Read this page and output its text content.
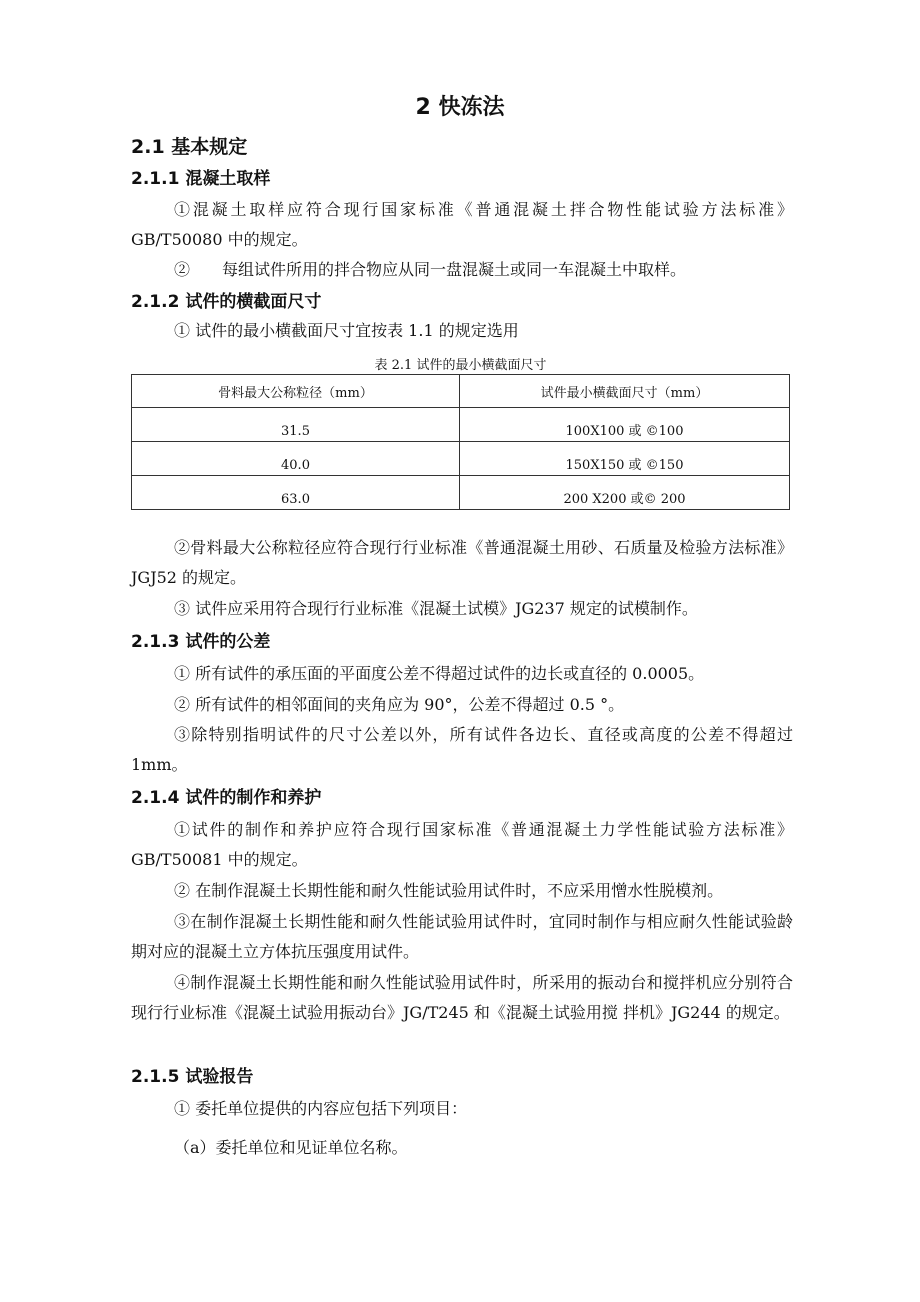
2 快冻法
2.1 基本规定
2.1.1 混凝土取样
①混凝土取样应符合现行国家标准《普通混凝土拌合物性能试验方法标准》GB/T50080 中的规定。
②　　每组试件所用的拌合物应从同一盘混凝土或同一车混凝土中取样。
2.1.2 试件的横截面尺寸
① 试件的最小横截面尺寸宜按表 1.1 的规定选用
表 2.1 试件的最小横截面尺寸
骨料最大公称粒径（mm）	试件最小横截面尺寸（mm）
31.5	100X100 或 ©100
40.0	150X150 或 ©150
63.0	200 X200 或© 200
②骨料最大公称粒径应符合现行行业标准《普通混凝土用砂、石质量及检验方法标准》JGJ52 的规定。
③ 试件应采用符合现行行业标准《混凝土试模》JG237 规定的试模制作。
2.1.3 试件的公差
① 所有试件的承压面的平面度公差不得超过试件的边长或直径的 0.0005。
② 所有试件的相邻面间的夹角应为 90°，公差不得超过 0.5 °。
③除特别指明试件的尺寸公差以外，所有试件各边长、直径或高度的公差不得超过 1mm。
2.1.4 试件的制作和养护
①试件的制作和养护应符合现行国家标准《普通混凝土力学性能试验方法标准》GB/T50081 中的规定。
② 在制作混凝土长期性能和耐久性能试验用试件时，不应采用憎水性脱模剂。
③在制作混凝土长期性能和耐久性能试验用试件时，宜同时制作与相应耐久性能试验龄期对应的混凝土立方体抗压强度用试件。
④制作混凝土长期性能和耐久性能试验用试件时，所采用的振动台和搅拌机应分别符合现行行业标准《混凝土试验用振动台》JG/T245 和《混凝土试验用搅 拌机》JG244 的规定。
2.1.5 试验报告
① 委托单位提供的内容应包括下列项目：
（a）委托单位和见证单位名称。
